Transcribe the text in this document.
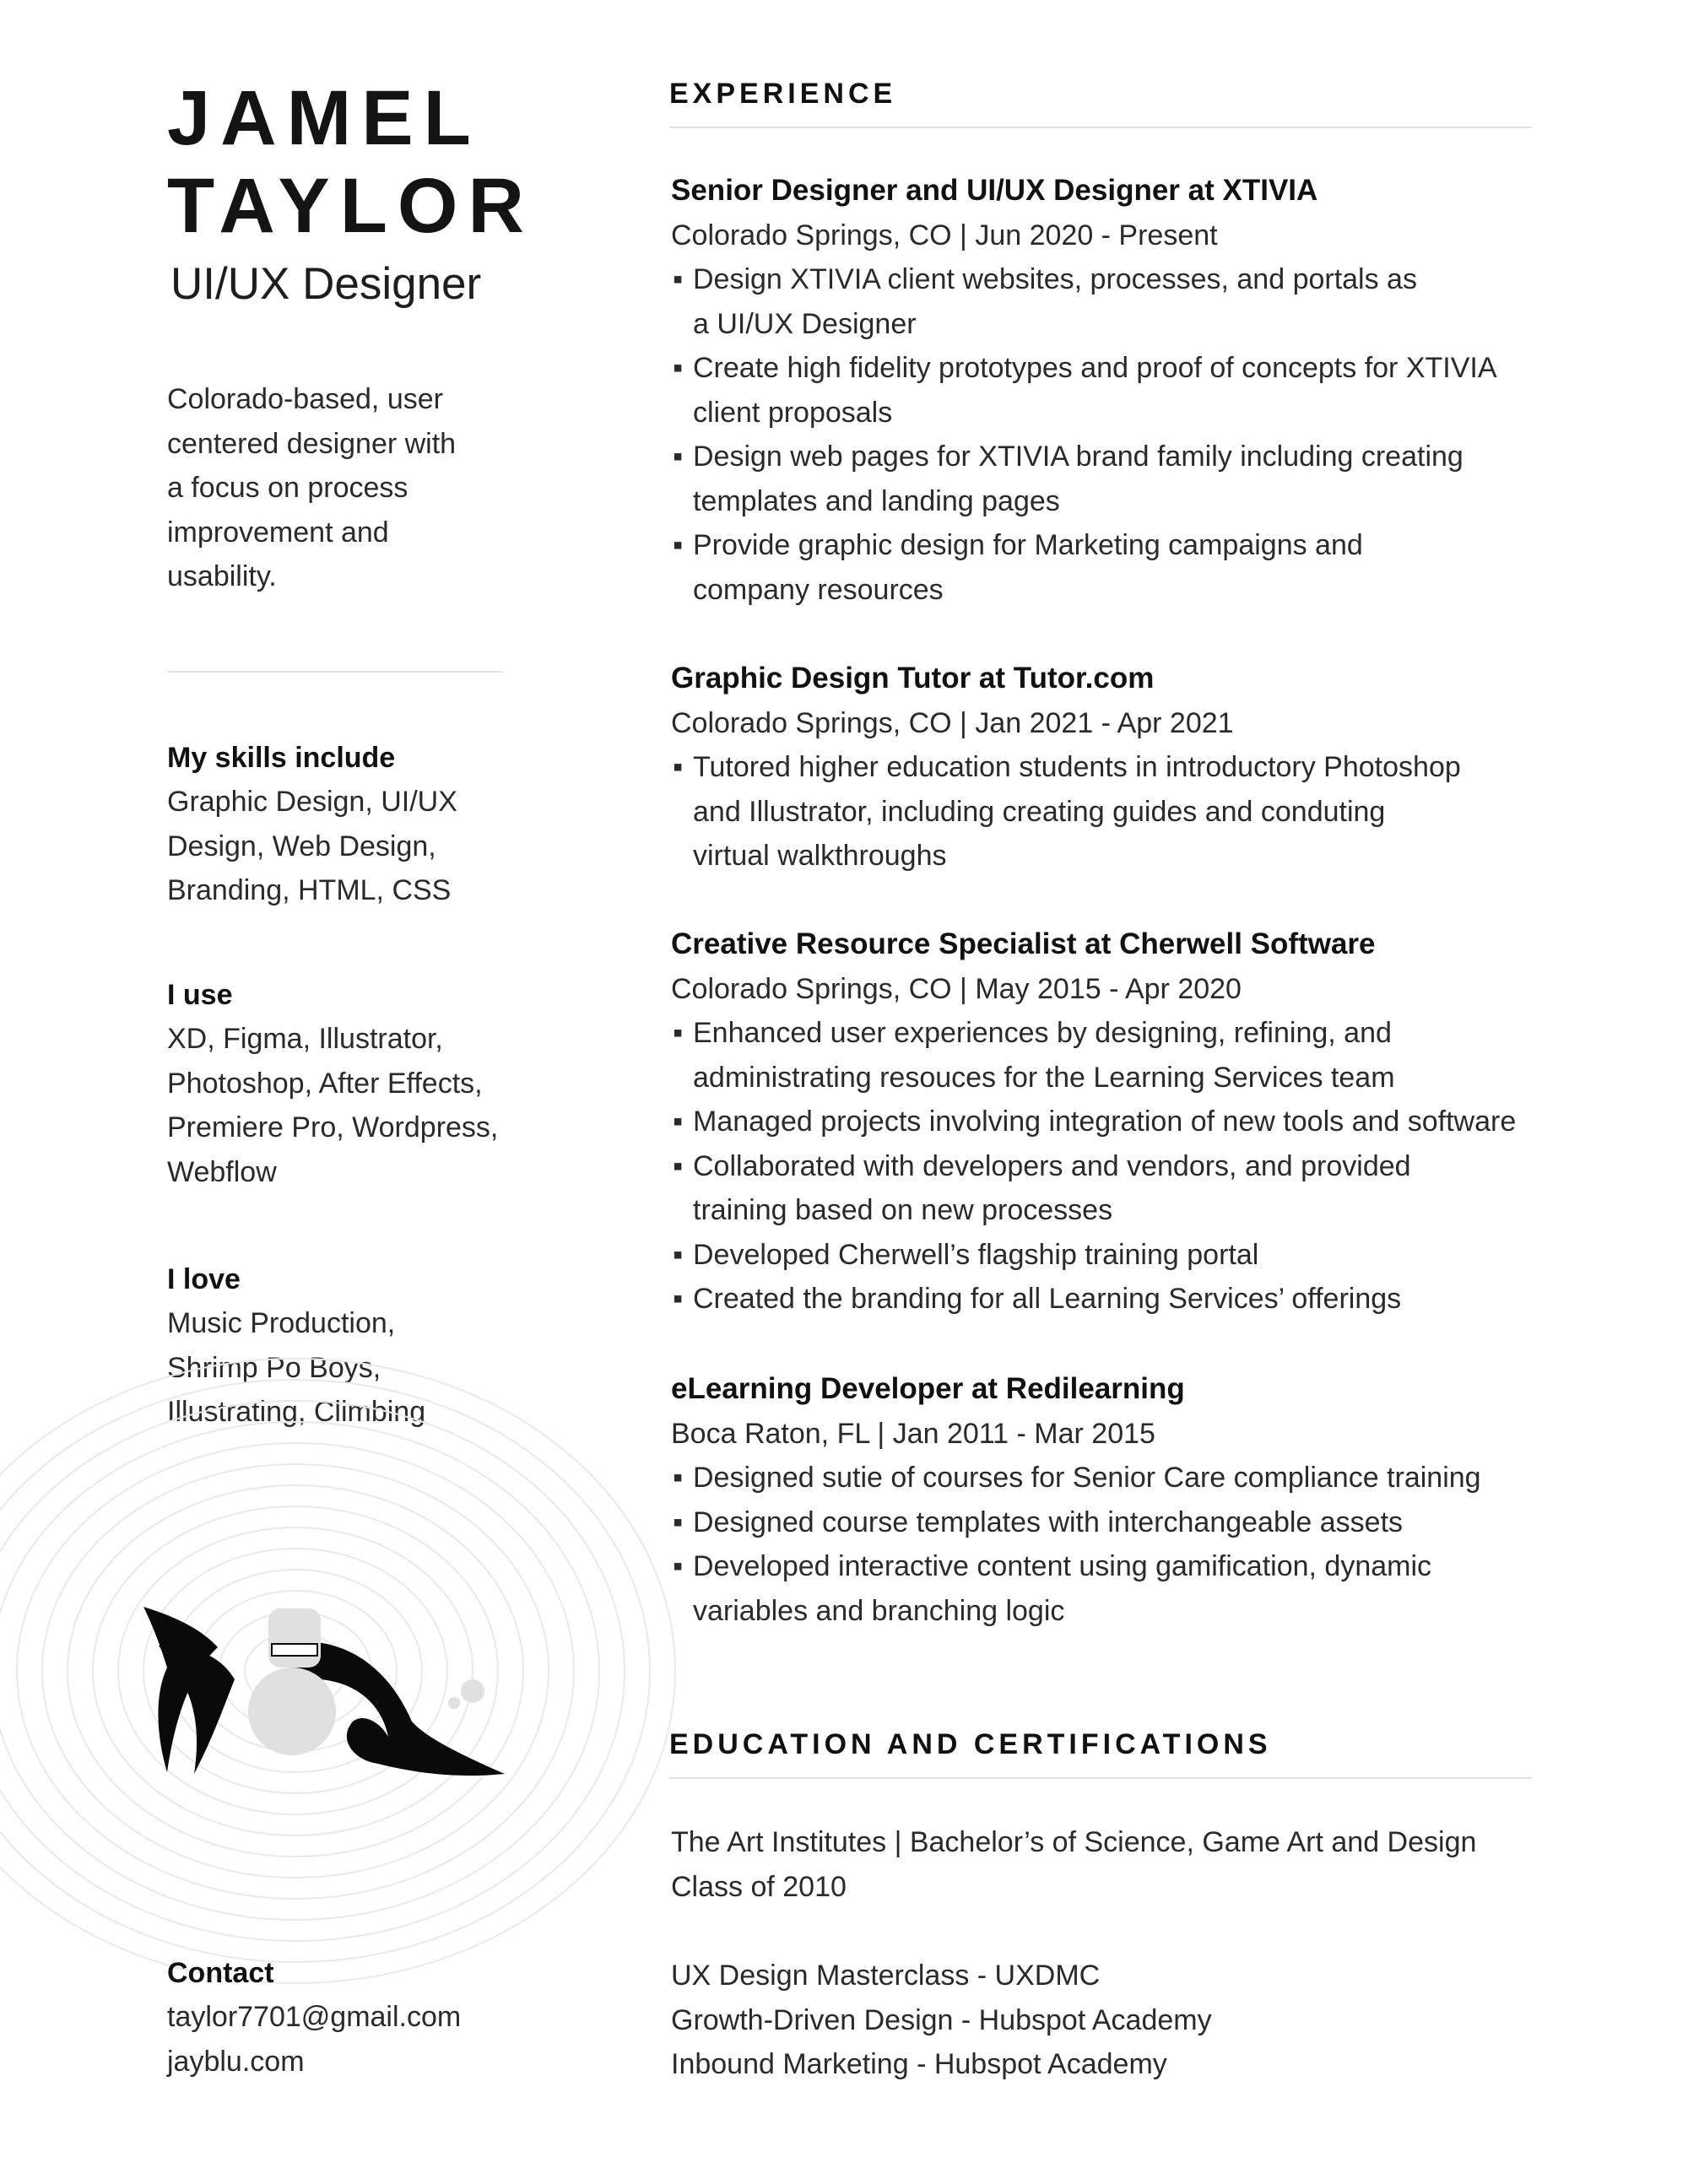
JAMEL
TAYLOR
UI/UX Designer

Colorado-based, user
centered designer with
a focus on process
improvement and
usability.

My skills include

Graphic Design, UI/UX
Design, Web Design,
Branding, HTML, CSS

I use

XD, Figma, Illustrator,
Photoshop, After Effects,
Premiere Pro, Wordpress,
Webflow

I love

Music Production,
Shrimp Po Boys,
Illustrating, Climbing

Contact

taylor7701@gmail.com

jayblu.com

EXPERIENCE
Senior Designer and UI/UX Designer at XTIVIA

Colorado Springs, CO | Jun 2020 - Present

▪ Design XTIVIA client websites, processes, and portals as
a UI/UX Designer
▪ Create high fidelity prototypes and proof of concepts for XTIVIA
client proposals
▪ Design web pages for XTIVIA brand family including creating
templates and landing pages
▪ Provide graphic design for Marketing campaigns and
company resources
Graphic Design Tutor at Tutor.com

Colorado Springs, CO | Jan 2021 - Apr 2021

▪ Tutored higher education students in introductory Photoshop
and Illustrator, including creating guides and conduting
virtual walkthroughs
Creative Resource Specialist at Cherwell Software

Colorado Springs, CO | May 2015 - Apr 2020

▪ Enhanced user experiences by designing, refining, and
administrating resouces for the Learning Services team
▪ Managed projects involving integration of new tools and software
▪ Collaborated with developers and vendors, and provided
training based on new processes
▪ Developed Cherwell’s flagship training portal
▪ Created the branding for all Learning Services’ offerings
eLearning Developer at Redilearning

Boca Raton, FL | Jan 2011 - Mar 2015

▪ Designed sutie of courses for Senior Care compliance training
▪ Designed course templates with interchangeable assets
▪ Developed interactive content using gamification, dynamic
variables and branching logic
EDUCATION AND CERTIFICATIONS

The Art Institutes | Bachelor’s of Science, Game Art and Design

Class of 2010

UX Design Masterclass - UXDMC

Growth-Driven Design - Hubspot Academy

Inbound Marketing - Hubspot Academy
